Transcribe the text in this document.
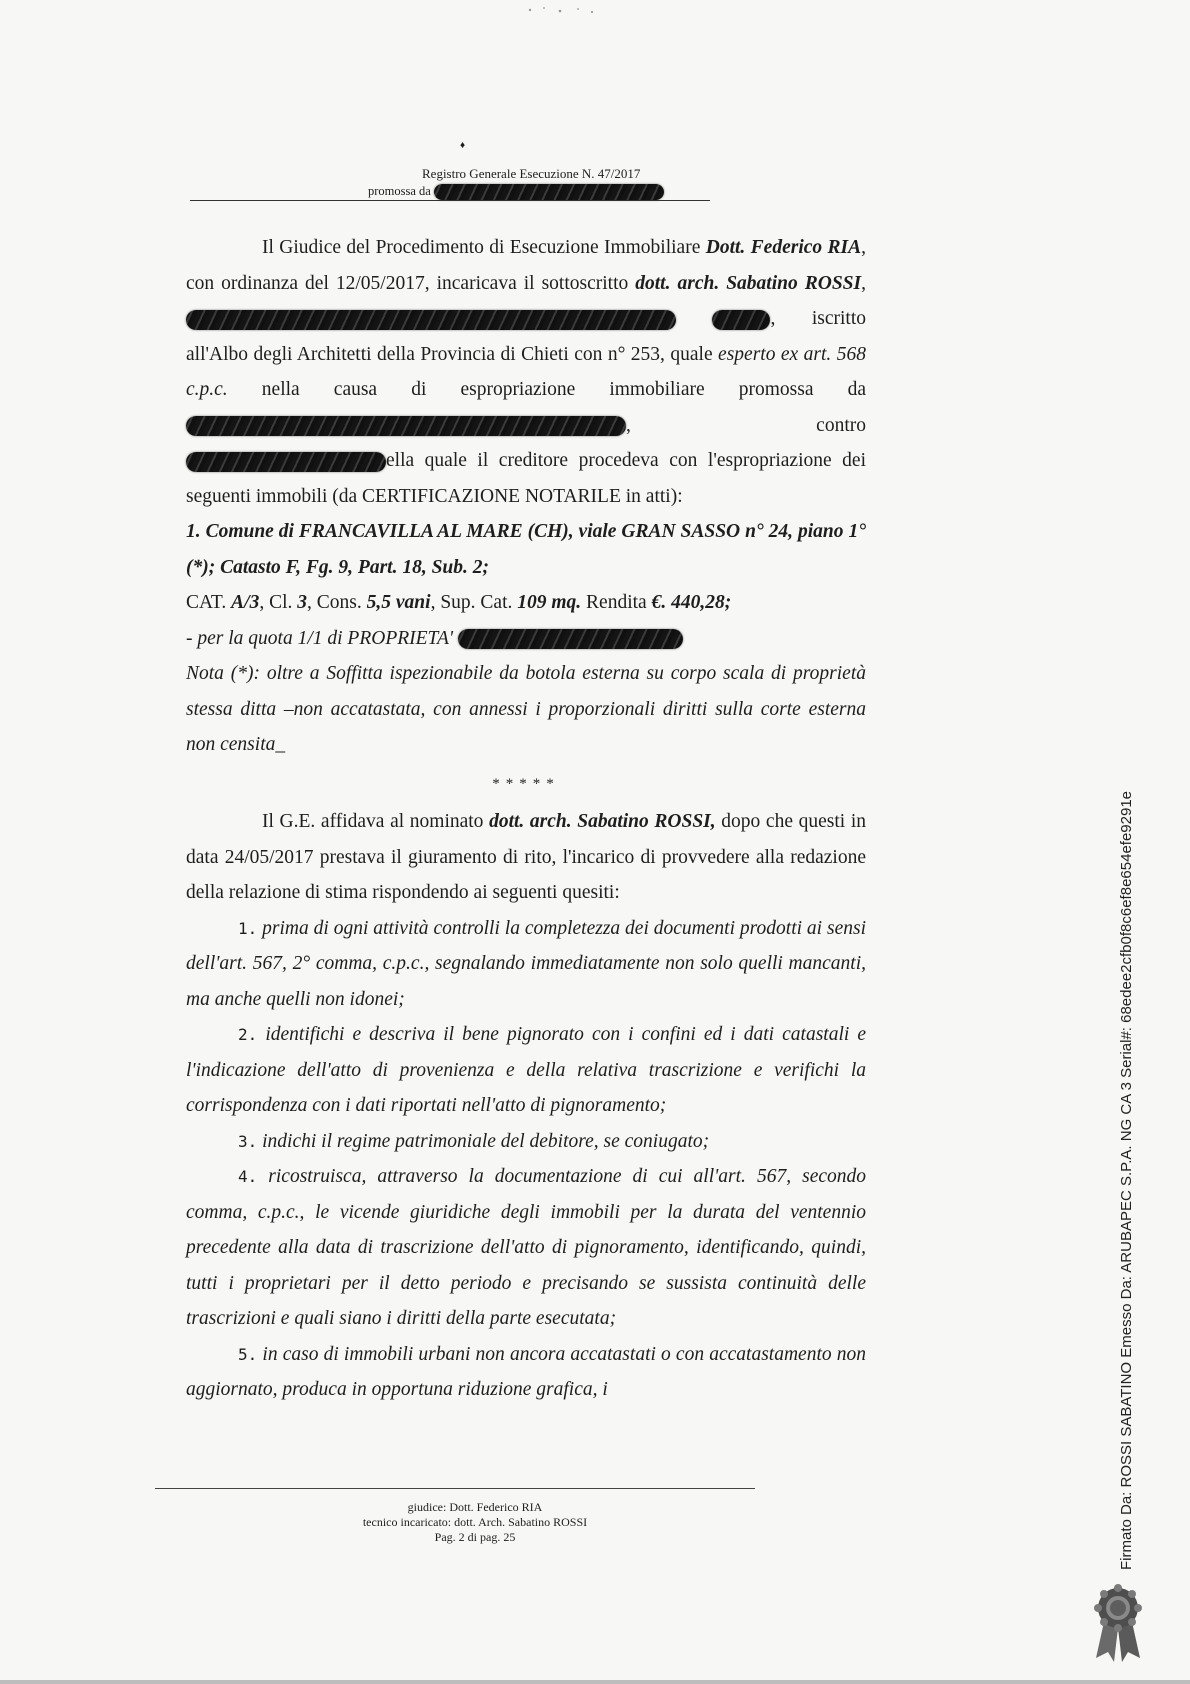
♦
Registro Generale Esecuzione N. 47/2017
promossa da

Il Giudice del Procedimento di Esecuzione Immobiliare Dott. Federico RIA, con ordinanza del 12/05/2017, incaricava il sottoscritto dott. arch. Sabatino ROSSI,  , iscritto all'Albo degli Architetti della Provincia di Chieti con n° 253, quale esperto ex art. 568 c.p.c. nella causa di espropriazione immobiliare promossa da , contro ella quale il creditore procedeva con l'espropriazione dei seguenti immobili (da CERTIFICAZIONE NOTARILE in atti):

1. Comune di FRANCAVILLA AL MARE (CH), viale GRAN SASSO n° 24, piano 1° (*); Catasto F, Fg. 9, Part. 18, Sub. 2;

CAT. A/3, Cl. 3, Cons. 5,5 vani, Sup. Cat. 109 mq. Rendita €. 440,28;

- per la quota 1/1 di PROPRIETA'

Nota (*): oltre a Soffitta ispezionabile da botola esterna su corpo scala di proprietà stessa ditta –non accatastata, con annessi i proporzionali diritti sulla corte esterna non censita_

*****

Il G.E. affidava al nominato dott. arch. Sabatino ROSSI, dopo che questi in data 24/05/2017 prestava il giuramento di rito, l'incarico di provvedere alla redazione della relazione di stima rispondendo ai seguenti quesiti:

1. prima di ogni attività controlli la completezza dei documenti prodotti ai sensi dell'art. 567, 2° comma, c.p.c., segnalando immediatamente non solo quelli mancanti, ma anche quelli non idonei;

2. identifichi e descriva il bene pignorato con i confini ed i dati catastali e l'indicazione dell'atto di provenienza e della relativa trascrizione e verifichi la corrispondenza con i dati riportati nell'atto di pignoramento;

3. indichi il regime patrimoniale del debitore, se coniugato;

4. ricostruisca, attraverso la documentazione di cui all'art. 567, secondo comma, c.p.c., le vicende giuridiche degli immobili per la durata del ventennio precedente alla data di trascrizione dell'atto di pignoramento, identificando, quindi, tutti i proprietari per il detto periodo e precisando se sussista continuità delle trascrizioni e quali siano i diritti della parte esecutata;

5. in caso di immobili urbani non ancora accatastati o con accatastamento non aggiornato, produca in opportuna riduzione grafica, i

giudice: Dott. Federico RIA
tecnico incaricato: dott. Arch. Sabatino ROSSI
Pag. 2 di pag. 25	Firmato Da: ROSSI SABATINO Emesso Da: ARUBAPEC S.P.A. NG CA 3 Serial#: 68edee2cfb0f8c6ef8e654efe9291e
